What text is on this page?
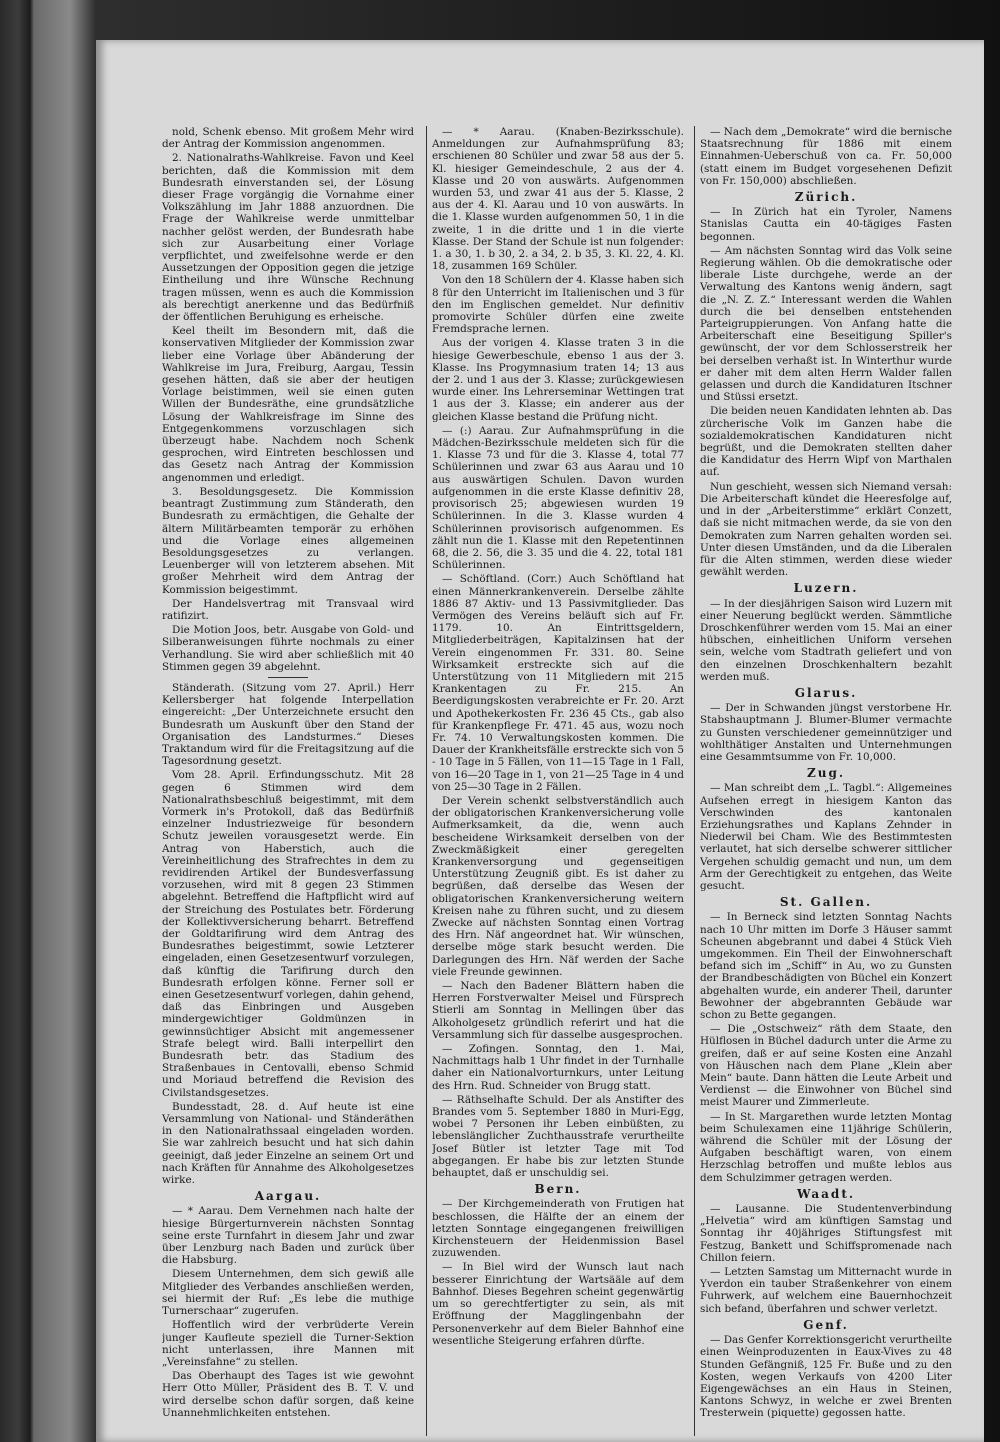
nold, Schenk ebenso. Mit großem Mehr wird der Antrag der Kommission angenommen.

2. Nationalraths-Wahlkreise. Favon und Keel berichten, daß die Kommission mit dem Bundesrath einverstanden sei, der Lösung dieser Frage vorgängig die Vornahme einer Volkszählung im Jahr 1888 anzuordnen. Die Frage der Wahlkreise werde unmittelbar nachher gelöst werden, der Bundesrath habe sich zur Ausarbeitung einer Vorlage verpflichtet, und zweifelsohne werde er den Aussetzungen der Opposition gegen die jetzige Eintheilung und ihre Wünsche Rechnung tragen müssen, wenn es auch die Kommission als berechtigt anerkenne und das Bedürfniß der öffentlichen Beruhigung es erheische.

Keel theilt im Besondern mit, daß die konservativen Mitglieder der Kommission zwar lieber eine Vorlage über Abänderung der Wahlkreise im Jura, Freiburg, Aargau, Tessin gesehen hätten, daß sie aber der heutigen Vorlage beistimmen, weil sie einen guten Willen der Bundesräthe, eine grundsätzliche Lösung der Wahlkreisfrage im Sinne des Entgegenkommens vorzuschlagen sich überzeugt habe. Nachdem noch Schenk gesprochen, wird Eintreten beschlossen und das Gesetz nach Antrag der Kommission angenommen und erledigt.

3. Besoldungsgesetz. Die Kommission beantragt Zustimmung zum Ständerath, den Bundesrath zu ermächtigen, die Gehalte der ältern Militärbeamten temporär zu erhöhen und die Vorlage eines allgemeinen Besoldungsgesetzes zu verlangen. Leuenberger will von letzterem absehen. Mit großer Mehrheit wird dem Antrag der Kommission beigestimmt.

Der Handelsvertrag mit Transvaal wird ratifizirt.

Die Motion Joos, betr. Ausgabe von Gold- und Silberanweisungen führte nochmals zu einer Verhandlung. Sie wird aber schließlich mit 40 Stimmen gegen 39 abgelehnt.

Ständerath. (Sitzung vom 27. April.) Herr Kellersberger hat folgende Interpellation eingereicht: „Der Unterzeichnete ersucht den Bundesrath um Auskunft über den Stand der Organisation des Landsturmes.“ Dieses Traktandum wird für die Freitagsitzung auf die Tagesordnung gesetzt.

Vom 28. April. Erfindungsschutz. Mit 28 gegen 6 Stimmen wird dem Nationalrathsbeschluß beigestimmt, mit dem Vormerk in's Protokoll, daß das Bedürfniß einzelner Industriezweige für besondern Schutz jeweilen vorausgesetzt werde. Ein Antrag von Haberstich, auch die Vereinheitlichung des Strafrechtes in dem zu revidirenden Artikel der Bundesverfassung vorzusehen, wird mit 8 gegen 23 Stimmen abgelehnt. Betreffend die Haftpflicht wird auf der Streichung des Postulates betr. Förderung der Kollektivversicherung beharrt. Betreffend der Goldtarifirung wird dem Antrag des Bundesrathes beigestimmt, sowie Letzterer eingeladen, einen Gesetzesentwurf vorzulegen, daß künftig die Tarifirung durch den Bundesrath erfolgen könne. Ferner soll er einen Gesetzesentwurf vorlegen, dahin gehend, daß das Einbringen und Ausgeben mindergewichtiger Goldmünzen in gewinnsüchtiger Absicht mit angemessener Strafe belegt wird. Balli interpellirt den Bundesrath betr. das Stadium des Straßenbaues in Centovalli, ebenso Schmid und Moriaud betreffend die Revision des Civilstandsgesetzes.

Bundesstadt, 28. d. Auf heute ist eine Versammlung von National- und Ständeräthen in den Nationalrathssaal eingeladen worden. Sie war zahlreich besucht und hat sich dahin geeinigt, daß jeder Einzelne an seinem Ort und nach Kräften für Annahme des Alkoholgesetzes wirke.

Aargau.

— * Aarau. Dem Vernehmen nach halte der hiesige Bürgerturnverein nächsten Sonntag seine erste Turnfahrt in diesem Jahr und zwar über Lenzburg nach Baden und zurück über die Habsburg.

Diesem Unternehmen, dem sich gewiß alle Mitglieder des Verbandes anschließen werden, sei hiermit der Ruf: „Es lebe die muthige Turnerschaar“ zugerufen.

Hoffentlich wird der verbrüderte Verein junger Kaufleute speziell die Turner-Sektion nicht unterlassen, ihre Mannen mit „Vereinsfahne“ zu stellen.

Das Oberhaupt des Tages ist wie gewohnt Herr Otto Müller, Präsident des B. T. V. und wird derselbe schon dafür sorgen, daß keine Unannehmlichkeiten entstehen.

— * Aarau. (Knaben-Bezirksschule). Anmeldungen zur Aufnahmsprüfung 83; erschienen 80 Schüler und zwar 58 aus der 5. Kl. hiesiger Gemeindeschule, 2 aus der 4. Klasse und 20 von auswärts. Aufgenommen wurden 53, und zwar 41 aus der 5. Klasse, 2 aus der 4. Kl. Aarau und 10 von auswärts. In die 1. Klasse wurden aufgenommen 50, 1 in die zweite, 1 in die dritte und 1 in die vierte Klasse. Der Stand der Schule ist nun folgender: 1. a 30, 1. b 30, 2. a 34, 2. b 35, 3. Kl. 22, 4. Kl. 18, zusammen 169 Schüler.

Von den 18 Schülern der 4. Klasse haben sich 8 für den Unterricht im Italienischen und 3 für den im Englischen gemeldet. Nur definitiv promovirte Schüler dürfen eine zweite Fremdsprache lernen.

Aus der vorigen 4. Klasse traten 3 in die hiesige Gewerbeschule, ebenso 1 aus der 3. Klasse. Ins Progymnasium traten 14; 13 aus der 2. und 1 aus der 3. Klasse; zurückgewiesen wurde einer. Ins Lehrerseminar Wettingen trat 1 aus der 3. Klasse; ein anderer aus der gleichen Klasse bestand die Prüfung nicht.

— (:) Aarau. Zur Aufnahmsprüfung in die Mädchen-Bezirksschule meldeten sich für die 1. Klasse 73 und für die 3. Klasse 4, total 77 Schülerinnen und zwar 63 aus Aarau und 10 aus auswärtigen Schulen. Davon wurden aufgenommen in die erste Klasse definitiv 28, provisorisch 25; abgewiesen wurden 19 Schülerinnen. In die 3. Klasse wurden 4 Schülerinnen provisorisch aufgenommen. Es zählt nun die 1. Klasse mit den Repetentinnen 68, die 2. 56, die 3. 35 und die 4. 22, total 181 Schülerinnen.

— Schöftland. (Corr.) Auch Schöftland hat einen Männerkrankenverein. Derselbe zählte 1886 87 Aktiv- und 13 Passivmitglieder. Das Vermögen des Vereins beläuft sich auf Fr. 1179. 10. An Eintrittsgeldern, Mitgliederbeiträgen, Kapitalzinsen hat der Verein eingenommen Fr. 331. 80. Seine Wirksamkeit erstreckte sich auf die Unterstützung von 11 Mitgliedern mit 215 Krankentagen zu Fr. 215. An Beerdigungskosten verabreichte er Fr. 20. Arzt und Apothekerkosten Fr. 236 45 Cts., gab also für Krankenpflege Fr. 471. 45 aus, wozu noch Fr. 74. 10 Verwaltungskosten kommen. Die Dauer der Krankheitsfälle erstreckte sich von 5 - 10 Tage in 5 Fällen, von 11—15 Tage in 1 Fall, von 16—20 Tage in 1, von 21—25 Tage in 4 und von 25—30 Tage in 2 Fällen.

Der Verein schenkt selbstverständlich auch der obligatorischen Krankenversicherung volle Aufmerksamkeit, da die, wenn auch bescheidene Wirksamkeit derselben von der Zweckmäßigkeit einer geregelten Krankenversorgung und gegenseitigen Unterstützung Zeugniß gibt. Es ist daher zu begrüßen, daß derselbe das Wesen der obligatorischen Krankenversicherung weitern Kreisen nahe zu führen sucht, und zu diesem Zwecke auf nächsten Sonntag einen Vortrag des Hrn. Näf angeordnet hat. Wir wünschen, derselbe möge stark besucht werden. Die Darlegungen des Hrn. Näf werden der Sache viele Freunde gewinnen.

— Nach den Badener Blättern haben die Herren Forstverwalter Meisel und Fürsprech Stierli am Sonntag in Mellingen über das Alkoholgesetz gründlich referirt und hat die Versammlung sich für dasselbe ausgesprochen.

— Zofingen. Sonntag, den 1. Mai, Nachmittags halb 1 Uhr findet in der Turnhalle daher ein Nationalvorturnkurs, unter Leitung des Hrn. Rud. Schneider von Brugg statt.

— Räthselhafte Schuld. Der als Anstifter des Brandes vom 5. September 1880 in Muri-Egg, wobei 7 Personen ihr Leben einbüßten, zu lebenslänglicher Zuchthausstrafe verurtheilte Josef Bütler ist letzter Tage mit Tod abgegangen. Er habe bis zur letzten Stunde behauptet, daß er unschuldig sei.

Bern.

— Der Kirchgemeinderath von Frutigen hat beschlossen, die Hälfte der an einem der letzten Sonntage eingegangenen freiwilligen Kirchensteuern der Heidenmission Basel zuzuwenden.

— In Biel wird der Wunsch laut nach besserer Einrichtung der Wartsääle auf dem Bahnhof. Dieses Begehren scheint gegenwärtig um so gerechtfertigter zu sein, als mit Eröffnung der Magglingenbahn der Personenverkehr auf dem Bieler Bahnhof eine wesentliche Steigerung erfahren dürfte.

— Nach dem „Demokrate“ wird die bernische Staatsrechnung für 1886 mit einem Einnahmen-Ueberschuß von ca. Fr. 50,000 (statt einem im Budget vorgesehenen Defizit von Fr. 150,000) abschließen.

Zürich.

— In Zürich hat ein Tyroler, Namens Stanislas Cautta ein 40-tägiges Fasten begonnen.

— Am nächsten Sonntag wird das Volk seine Regierung wählen. Ob die demokratische oder liberale Liste durchgehe, werde an der Verwaltung des Kantons wenig ändern, sagt die „N. Z. Z.“ Interessant werden die Wahlen durch die bei denselben entstehenden Parteigruppierungen. Von Anfang hatte die Arbeiterschaft eine Beseitigung Spiller's gewünscht, der vor dem Schlosserstreik her bei derselben verhaßt ist. In Winterthur wurde er daher mit dem alten Herrn Walder fallen gelassen und durch die Kandidaturen Itschner und Stüssi ersetzt.

Die beiden neuen Kandidaten lehnten ab. Das zürcherische Volk im Ganzen habe die sozialdemokratischen Kandidaturen nicht begrüßt, und die Demokraten stellten daher die Kandidatur des Herrn Wipf von Marthalen auf.

Nun geschieht, wessen sich Niemand versah: Die Arbeiterschaft kündet die Heeresfolge auf, und in der „Arbeiterstimme“ erklärt Conzett, daß sie nicht mitmachen werde, da sie von den Demokraten zum Narren gehalten worden sei. Unter diesen Umständen, und da die Liberalen für die Alten stimmen, werden diese wieder gewählt werden.

Luzern.

— In der diesjährigen Saison wird Luzern mit einer Neuerung beglückt werden. Sämmtliche Droschkenführer werden vom 15. Mai an einer hübschen, einheitlichen Uniform versehen sein, welche vom Stadtrath geliefert und von den einzelnen Droschkenhaltern bezahlt werden muß.

Glarus.

— Der in Schwanden jüngst verstorbene Hr. Stabshauptmann J. Blumer-Blumer vermachte zu Gunsten verschiedener gemeinnütziger und wohlthätiger Anstalten und Unternehmungen eine Gesammtsumme von Fr. 10,000.

Zug.

— Man schreibt dem „L. Tagbl.“: Allgemeines Aufsehen erregt in hiesigem Kanton das Verschwinden des kantonalen Erziehungsrathes und Kaplans Zehnder in Niederwil bei Cham. Wie des Bestimmtesten verlautet, hat sich derselbe schwerer sittlicher Vergehen schuldig gemacht und nun, um dem Arm der Gerechtigkeit zu entgehen, das Weite gesucht.

St. Gallen.

— In Berneck sind letzten Sonntag Nachts nach 10 Uhr mitten im Dorfe 3 Häuser sammt Scheunen abgebrannt und dabei 4 Stück Vieh umgekommen. Ein Theil der Einwohnerschaft befand sich im „Schiff“ in Au, wo zu Gunsten der Brandbeschädigten von Büchel ein Konzert abgehalten wurde, ein anderer Theil, darunter Bewohner der abgebrannten Gebäude war schon zu Bette gegangen.

— Die „Ostschweiz“ räth dem Staate, den Hülflosen in Büchel dadurch unter die Arme zu greifen, daß er auf seine Kosten eine Anzahl von Häuschen nach dem Plane „Klein aber Mein“ baute. Dann hätten die Leute Arbeit und Verdienst — die Einwohner von Büchel sind meist Maurer und Zimmerleute.

— In St. Margarethen wurde letzten Montag beim Schulexamen eine 11jährige Schülerin, während die Schüler mit der Lösung der Aufgaben beschäftigt waren, von einem Herzschlag betroffen und mußte leblos aus dem Schulzimmer getragen werden.

Waadt.

— Lausanne. Die Studentenverbindung „Helvetia“ wird am künftigen Samstag und Sonntag ihr 40jähriges Stiftungsfest mit Festzug, Bankett und Schiffspromenade nach Chillon feiern.

— Letzten Samstag um Mitternacht wurde in Yverdon ein tauber Straßenkehrer von einem Fuhrwerk, auf welchem eine Bauernhochzeit sich befand, überfahren und schwer verletzt.

Genf.

— Das Genfer Korrektionsgericht verurtheilte einen Weinproduzenten in Eaux-Vives zu 48 Stunden Gefängniß, 125 Fr. Buße und zu den Kosten, wegen Verkaufs von 4200 Liter Eigengewächses an ein Haus in Steinen, Kantons Schwyz, in welche er zwei Brenten Tresterwein (piquette) gegossen hatte.
